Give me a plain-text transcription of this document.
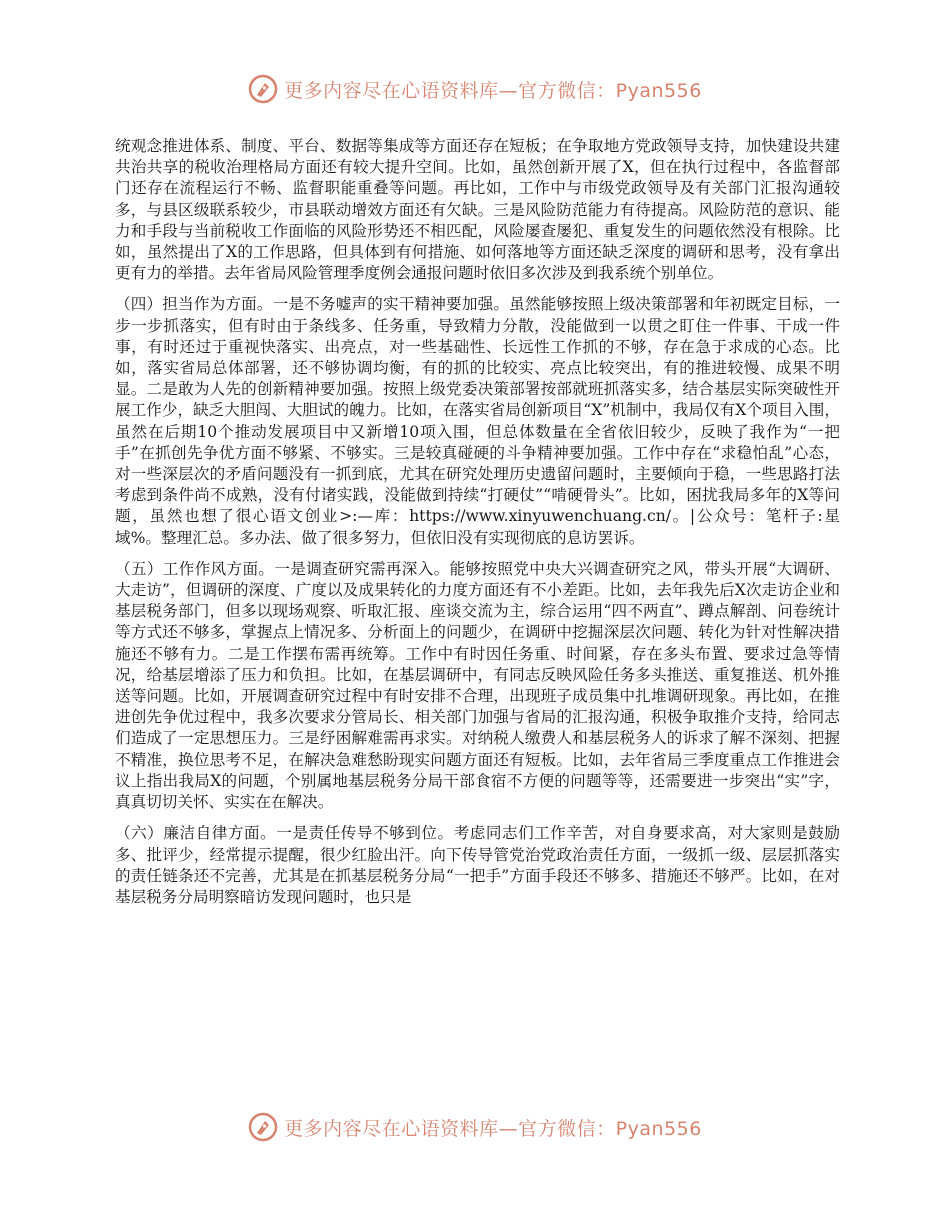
更多内容尽在心语资料库—官方微信：Pyan556

统观念推进体系、制度、平台、数据等集成等方面还存在短板；在争取地方党政领导支持，加快建设共建共治共享的税收治理格局方面还有较大提升空间。比如，虽然创新开展了X，但在执行过程中，各监督部门还存在流程运行不畅、监督职能重叠等问题。再比如，工作中与市级党政领导及有关部门汇报沟通较多，与县区级联系较少，市县联动增效方面还有欠缺。三是风险防范能力有待提高。风险防范的意识、能力和手段与当前税收工作面临的风险形势还不相匹配，风险屡查屡犯、重复发生的问题依然没有根除。比如，虽然提出了X的工作思路，但具体到有何措施、如何落地等方面还缺乏深度的调研和思考，没有拿出更有力的举措。去年省局风险管理季度例会通报问题时依旧多次涉及到我系统个别单位。

（四）担当作为方面。一是不务嘘声的实干精神要加强。虽然能够按照上级决策部署和年初既定目标，一步一步抓落实，但有时由于条线多、任务重，导致精力分散，没能做到一以贯之盯住一件事、干成一件事，有时还过于重视快落实、出亮点，对一些基础性、长远性工作抓的不够，存在急于求成的心态。比如，落实省局总体部署，还不够协调均衡，有的抓的比较实、亮点比较突出，有的推进较慢、成果不明显。二是敢为人先的创新精神要加强。按照上级党委决策部署按部就班抓落实多，结合基层实际突破性开展工作少，缺乏大胆闯、大胆试的魄力。比如，在落实省局创新项目“X”机制中，我局仅有X个项目入围，虽然在后期10个推动发展项目中又新增10项入围，但总体数量在全省依旧较少，反映了我作为“一把手”在抓创先争优方面不够紧、不够实。三是较真碰硬的斗争精神要加强。工作中存在“求稳怕乱”心态，对一些深层次的矛盾问题没有一抓到底，尤其在研究处理历史遗留问题时，主要倾向于稳，一些思路打法考虑到条件尚不成熟，没有付诸实践，没能做到持续“打硬仗”“啃硬骨头”。比如，困扰我局多年的X等问题，虽然也想了很心语文创业>:—库：https://www.xinyuwenchuang.cn/。|公众号：笔杆子:星域%。整理汇总。多办法、做了很多努力，但依旧没有实现彻底的息访罢诉。

（五）工作作风方面。一是调查研究需再深入。能够按照党中央大兴调查研究之风，带头开展“大调研、大走访”，但调研的深度、广度以及成果转化的力度方面还有不小差距。比如，去年我先后X次走访企业和基层税务部门，但多以现场观察、听取汇报、座谈交流为主，综合运用“四不两直”、蹲点解剖、问卷统计等方式还不够多，掌握点上情况多、分析面上的问题少，在调研中挖掘深层次问题、转化为针对性解决措施还不够有力。二是工作摆布需再统筹。工作中有时因任务重、时间紧，存在多头布置、要求过急等情况，给基层增添了压力和负担。比如，在基层调研中，有同志反映风险任务多头推送、重复推送、机外推送等问题。比如，开展调查研究过程中有时安排不合理，出现班子成员集中扎堆调研现象。再比如，在推进创先争优过程中，我多次要求分管局长、相关部门加强与省局的汇报沟通，积极争取推介支持，给同志们造成了一定思想压力。三是纾困解难需再求实。对纳税人缴费人和基层税务人的诉求了解不深刻、把握不精准，换位思考不足，在解决急难愁盼现实问题方面还有短板。比如，去年省局三季度重点工作推进会议上指出我局X的问题，个别属地基层税务分局干部食宿不方便的问题等等，还需要进一步突出“实”字，真真切切关怀、实实在在解决。

（六）廉洁自律方面。一是责任传导不够到位。考虑同志们工作辛苦，对自身要求高，对大家则是鼓励多、批评少，经常提示提醒，很少红脸出汗。向下传导管党治党政治责任方面，一级抓一级、层层抓落实的责任链条还不完善，尤其是在抓基层税务分局“一把手”方面手段还不够多、措施还不够严。比如，在对基层税务分局明察暗访发现问题时，也只是

更多内容尽在心语资料库—官方微信：Pyan556
